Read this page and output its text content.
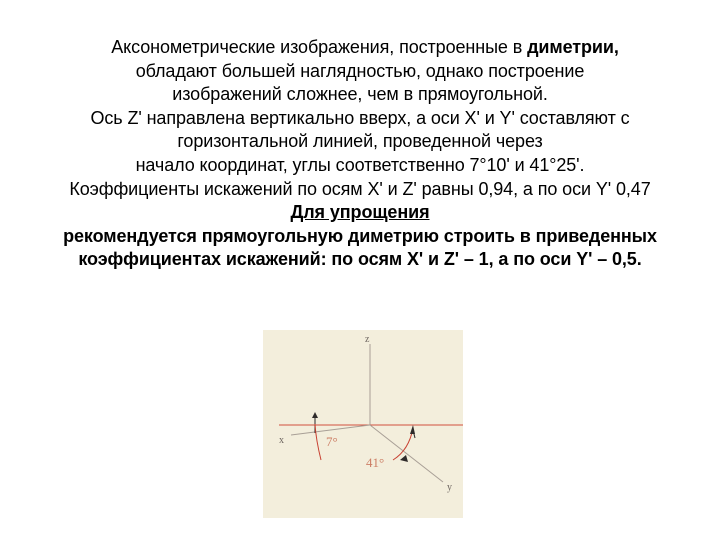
Аксонометрические изображения, построенные в диметрии,
обладают большей наглядностью, однако построение
изображений сложнее, чем в прямоугольной.
Ось Z' направлена вертикально вверх, а оси X' и Y' составляют с
горизонтальной линией, проведенной через
начало координат, углы соответственно 7°10' и 41°25'.
Коэффициенты искажений по осям X' и Z' равны 0,94, а по оси Y' 0,47
Для упрощения
рекомендуется прямоугольную диметрию строить в приведенных
коэффициентах искажений: по осям X' и Z' – 1, а по оси Y' – 0,5.
z
x
y
7°
41°
